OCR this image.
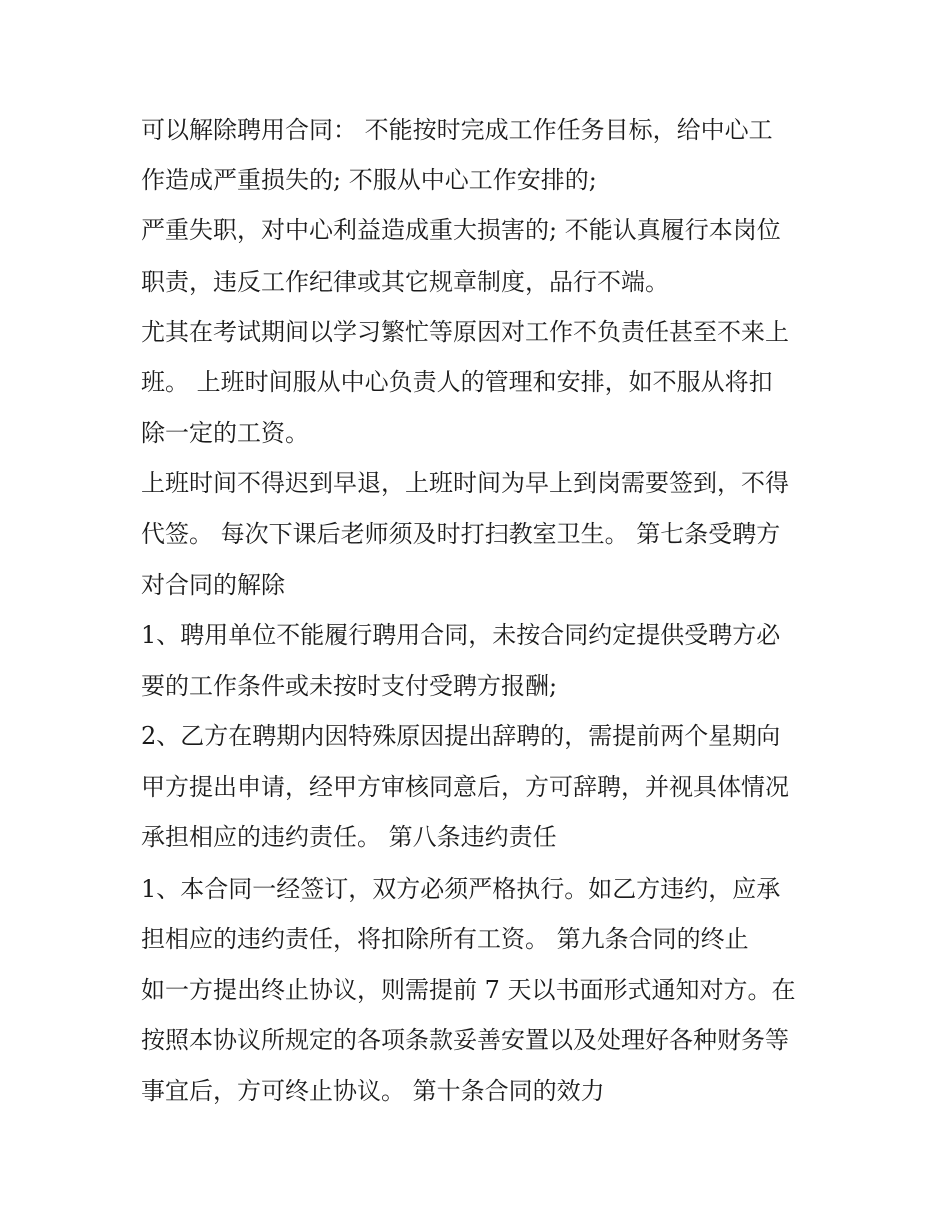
可以解除聘用合同： 不能按时完成工作任务目标，给中心工
作造成严重损失的; 不服从中心工作安排的;
严重失职，对中心利益造成重大损害的; 不能认真履行本岗位
职责，违反工作纪律或其它规章制度，品行不端。
尤其在考试期间以学习繁忙等原因对工作不负责任甚至不来上
班。 上班时间服从中心负责人的管理和安排，如不服从将扣
除一定的工资。
上班时间不得迟到早退，上班时间为早上到岗需要签到，不得
代签。 每次下课后老师须及时打扫教室卫生。 第七条受聘方
对合同的解除
1、聘用单位不能履行聘用合同，未按合同约定提供受聘方必
要的工作条件或未按时支付受聘方报酬;
2、乙方在聘期内因特殊原因提出辞聘的，需提前两个星期向
甲方提出申请，经甲方审核同意后，方可辞聘，并视具体情况
承担相应的违约责任。 第八条违约责任
1、本合同一经签订，双方必须严格执行。如乙方违约，应承
担相应的违约责任，将扣除所有工资。 第九条合同的终止
如一方提出终止协议，则需提前 7 天以书面形式通知对方。在
按照本协议所规定的各项条款妥善安置以及处理好各种财务等
事宜后，方可终止协议。 第十条合同的效力
